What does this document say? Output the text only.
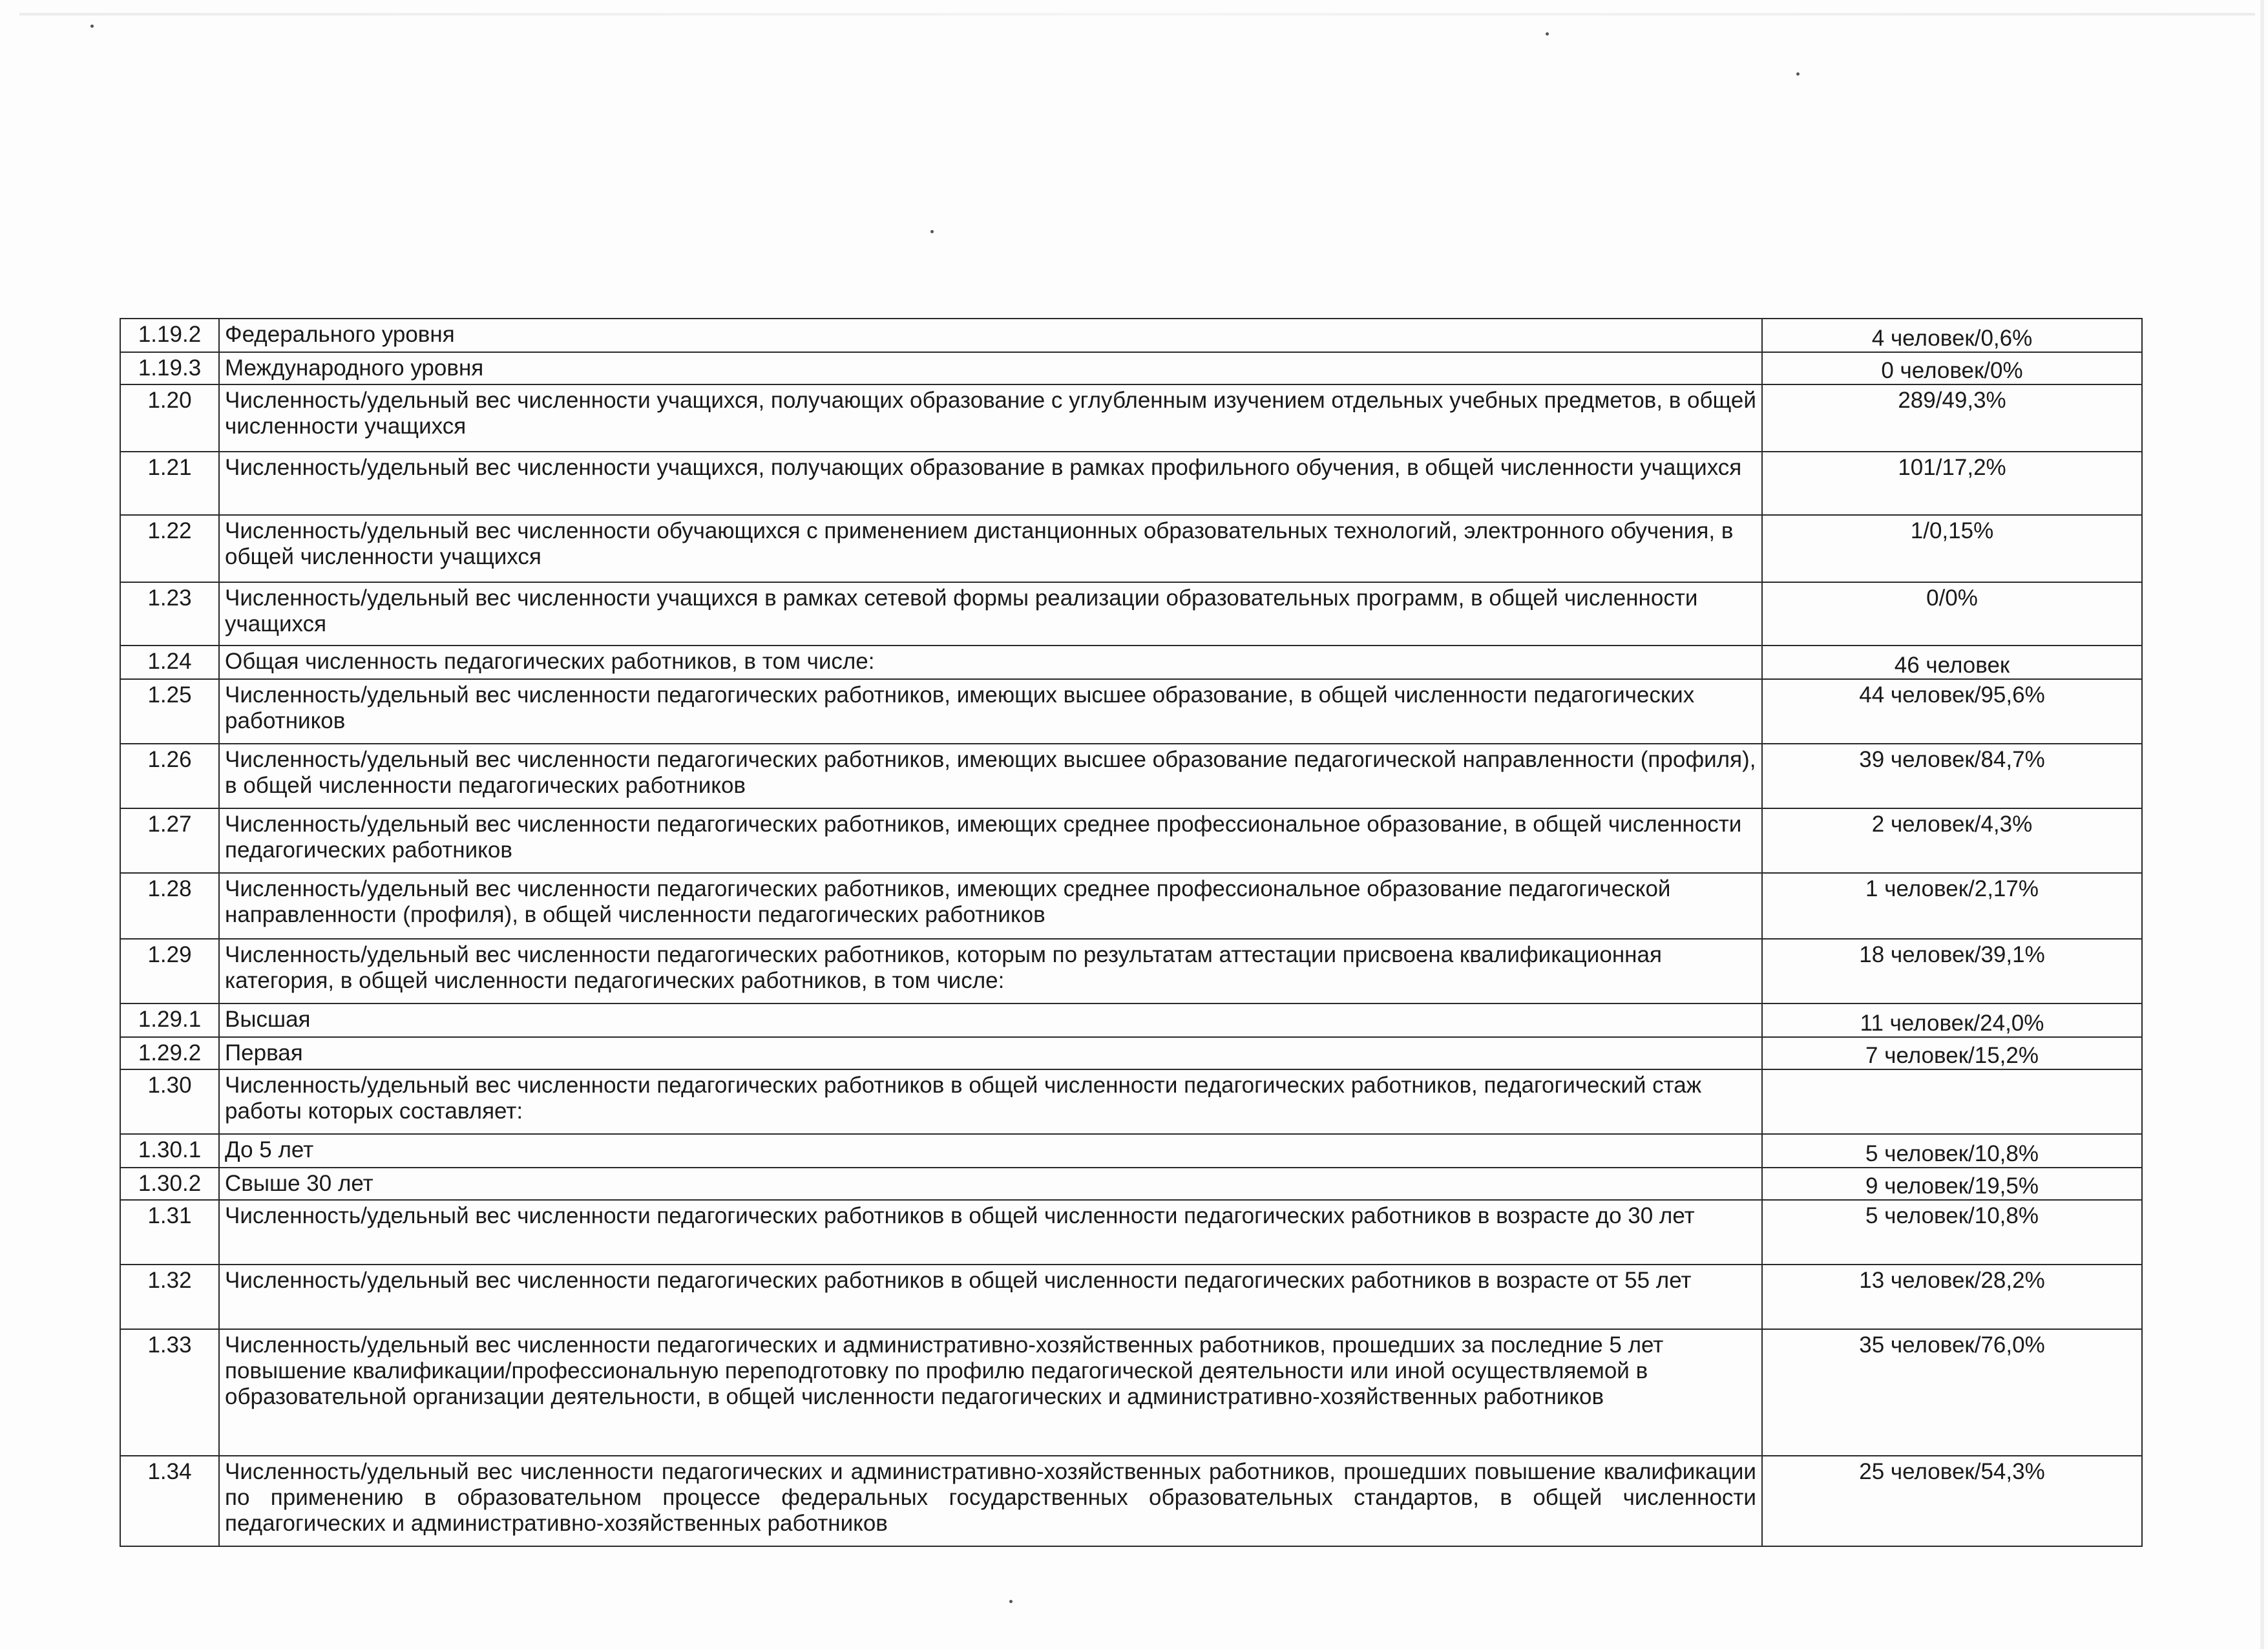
1.19.2	Федерального уровня	4 человек/0,6%
1.19.3	Международного уровня	0 человек/0%
1.20	Численность/удельный вес численности учащихся, получающих образование с углубленным изучением отдельных учебных предметов, в общей численности учащихся	289/49,3%
1.21	Численность/удельный вес численности учащихся, получающих образование в рамках профильного обучения, в общей численности учащихся	101/17,2%
1.22	Численность/удельный вес численности обучающихся с применением дистанционных образовательных технологий, электронного обучения, в общей численности учащихся	1/0,15%
1.23	Численность/удельный вес численности учащихся в рамках сетевой формы реализации образовательных программ, в общей численности учащихся	0/0%
1.24	Общая численность педагогических работников, в том числе:	46 человек
1.25	Численность/удельный вес численности педагогических работников, имеющих высшее образование, в общей численности педагогических работников	44 человек/95,6%
1.26	Численность/удельный вес численности педагогических работников, имеющих высшее образование педагогической направленности (профиля), в общей численности педагогических работников	39 человек/84,7%
1.27	Численность/удельный вес численности педагогических работников, имеющих среднее профессиональное образование, в общей численности педагогических работников	2 человек/4,3%
1.28	Численность/удельный вес численности педагогических работников, имеющих среднее профессиональное образование педагогической направленности (профиля), в общей численности педагогических работников	1 человек/2,17%
1.29	Численность/удельный вес численности педагогических работников, которым по результатам аттестации присвоена квалификационная категория, в общей численности педагогических работников, в том числе:	18 человек/39,1%
1.29.1	Высшая	11 человек/24,0%
1.29.2	Первая	7 человек/15,2%
1.30	Численность/удельный вес численности педагогических работников в общей численности педагогических работников, педагогический стаж работы которых составляет:	
1.30.1	До 5 лет	5 человек/10,8%
1.30.2	Свыше 30 лет	9 человек/19,5%
1.31	Численность/удельный вес численности педагогических работников в общей численности педагогических работников в возрасте до 30 лет	5 человек/10,8%
1.32	Численность/удельный вес численности педагогических работников в общей численности педагогических работников в возрасте от 55 лет	13 человек/28,2%
1.33	Численность/удельный вес численности педагогических и административно-хозяйственных работников, прошедших за последние 5 лет повышение квалификации/профессиональную переподготовку по профилю педагогической деятельности или иной осуществляемой в образовательной организации деятельности, в общей численности педагогических и административно-хозяйственных работников	35 человек/76,0%
1.34	Численность/удельный вес численности педагогических и административно-хозяйственных работников, прошедших повышение квалификации по применению в образовательном процессе федеральных государственных образовательных стандартов, в общей численности педагогических и административно-хозяйственных работников	25 человек/54,3%
